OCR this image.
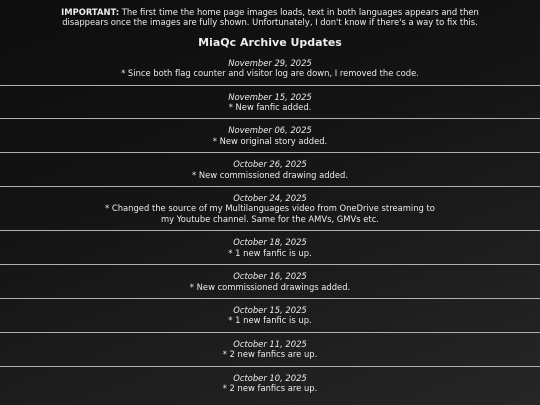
IMPORTANT: The first time the home page images loads, text in both languages appears and then disappears once the images are fully shown. Unfortunately, I don't know if there's a way to fix this.

MiaQc Archive Updates
November 29, 2025
* Since both flag counter and visitor log are down, I removed the code.
November 15, 2025
* New fanfic added.
November 06, 2025
* New original story added.
October 26, 2025
* New commissioned drawing added.
October 24, 2025
* Changed the source of my Multilanguages video from OneDrive streaming to my Youtube channel. Same for the AMVs, GMVs etc.
October 18, 2025
* 1 new fanfic is up.
October 16, 2025
* New commissioned drawings added.
October 15, 2025
* 1 new fanfic is up.
October 11, 2025
* 2 new fanfics are up.
October 10, 2025
* 2 new fanfics are up.
